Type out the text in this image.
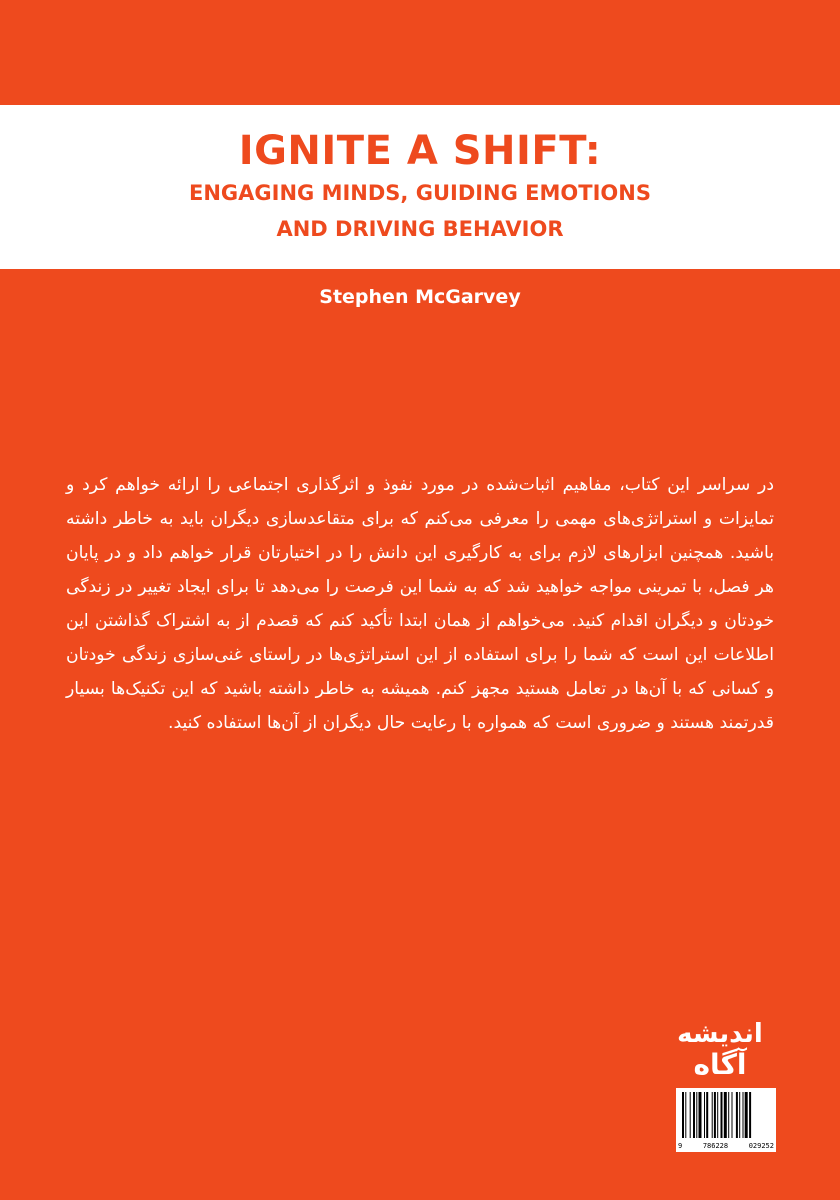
IGNITE A SHIFT:

ENGAGING MINDS, GUIDING EMOTIONS

AND DRIVING BEHAVIOR

Stephen McGarvey
در سراسر این کتاب، مفاهیم اثبات‌شده در مورد نفوذ و اثرگذاری اجتماعی را ارائه خواهم کرد و تمایزات و استراتژی‌های مهمی را معرفی می‌کنم که برای متقاعدسازی دیگران باید به خاطر داشته باشید. همچنین ابزارهای لازم برای به کارگیری این دانش را در اختیارتان قرار خواهم داد و در پایان هر فصل، با تمرینی مواجه خواهید شد که به شما این فرصت را می‌دهد تا برای ایجاد تغییر در زندگی خودتان و دیگران اقدام کنید. می‌خواهم از همان ابتدا تأکید کنم که قصدم از به اشتراک گذاشتن این اطلاعات این است که شما را برای استفاده از این استراتژی‌ها در راستای غنی‌سازی زندگی خودتان و کسانی که با آن‌ها در تعامل هستید مجهز کنم. همیشه به خاطر داشته باشید که این تکنیک‌ها بسیار قدرتمند هستند و ضروری است که همواره با رعایت حال دیگران از آن‌ها استفاده کنید.
اندیشه
آگاه
9	786228	029252
